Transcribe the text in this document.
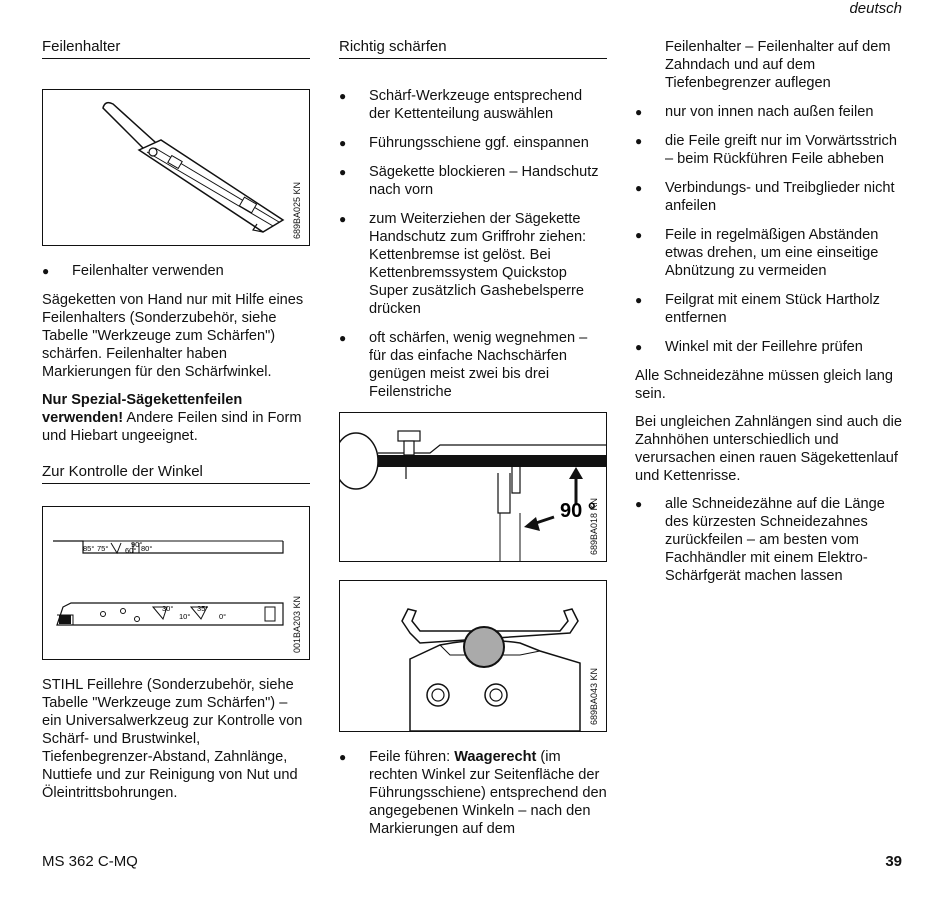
deutsch
Feilenhalter
689BA025 KN
● Feilenhalter verwenden
Sägeketten von Hand nur mit Hilfe eines Feilenhalters (Sonderzubehör, siehe Tabelle "Werkzeuge zum Schärfen") schärfen. Feilenhalter haben Markierungen für den Schärfwinkel.
Nur Spezial-Sägekettenfeilen verwenden! Andere Feilen sind in Form und Hiebart ungeeignet.
Zur Kontrolle der Winkel
85° 75° 60°
90°
80°
30°
10°
35°
0°	001BA203 KN
STIHL Feillehre (Sonderzubehör, siehe Tabelle "Werkzeuge zum Schärfen") – ein Universalwerkzeug zur Kontrolle von Schärf- und Brustwinkel, Tiefenbegrenzer-Abstand, Zahnlänge, Nuttiefe und zur Reinigung von Nut und Öleintrittsbohrungen.
Richtig schärfen
● Schärf-Werkzeuge entsprechend der Kettenteilung auswählen
● Führungsschiene ggf. einspannen
● Sägekette blockieren – Handschutz nach vorn
● zum Weiterziehen der Sägekette Handschutz zum Griffrohr ziehen: Kettenbremse ist gelöst. Bei Kettenbremssystem Quickstop Super zusätzlich Gashebelsperre drücken
● oft schärfen, wenig wegnehmen – für das einfache Nachschärfen genügen meist zwei bis drei Feilenstriche
90 °
689BA018 KN
689BA043 KN
● Feile führen: Waagerecht (im rechten Winkel zur Seitenfläche der Führungsschiene) entsprechend den angegebenen Winkeln – nach den Markierungen auf dem
Feilenhalter – Feilenhalter auf dem Zahndach und auf dem Tiefenbegrenzer auflegen
● nur von innen nach außen feilen
● die Feile greift nur im Vorwärtsstrich – beim Rückführen Feile abheben
● Verbindungs- und Treibglieder nicht anfeilen
● Feile in regelmäßigen Abständen etwas drehen, um eine einseitige Abnützung zu vermeiden
● Feilgrat mit einem Stück Hartholz entfernen
● Winkel mit der Feillehre prüfen
Alle Schneidezähne müssen gleich lang sein.
Bei ungleichen Zahnlängen sind auch die Zahnhöhen unterschiedlich und verursachen einen rauen Sägekettenlauf und Kettenrisse.
● alle Schneidezähne auf die Länge des kürzesten Schneidezahnes zurückfeilen – am besten vom Fachhändler mit einem Elektro-Schärfgerät machen lassen
MS 362 C-MQ	39
